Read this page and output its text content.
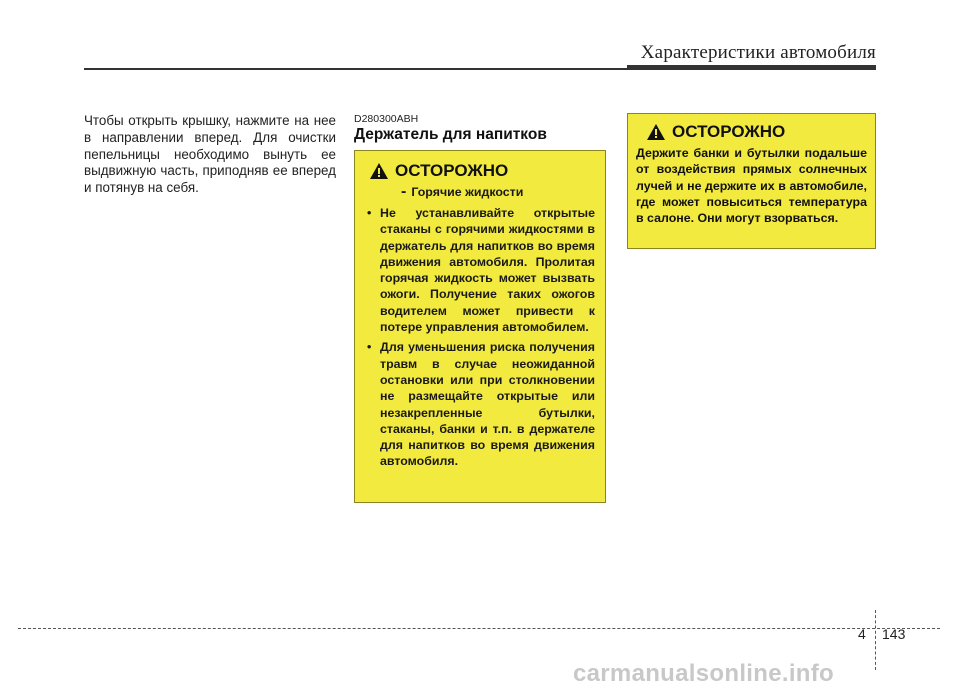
Характеристики автомобиля
Чтобы открыть крышку, нажмите на нее в направлении вперед. Для очистки пепельницы необходимо вынуть ее выдвижную часть, приподняв ее вперед и потянув на себя.
D280300ABH
Держатель для напитков
ОСТОРОЖНО
- Горячие жидкости
• Не устанавливайте открытые стаканы с горячими жидкостями в держатель для напитков во время движения автомобиля. Пролитая горячая жидкость может вызвать ожоги. Получение таких ожогов водителем может привести к потере управления автомобилем.
• Для уменьшения риска получения травм в случае неожиданной остановки или при столкновении не размещайте открытые или незакрепленные бутылки, стаканы, банки и т.п. в держателе для напитков во время движения автомобиля.
ОСТОРОЖНО
Держите банки и бутылки подальше от воздействия прямых солнечных лучей и не держите их в автомобиле, где может повыситься температура в салоне. Они могут взорваться.
4 143
carmanualsonline.info
